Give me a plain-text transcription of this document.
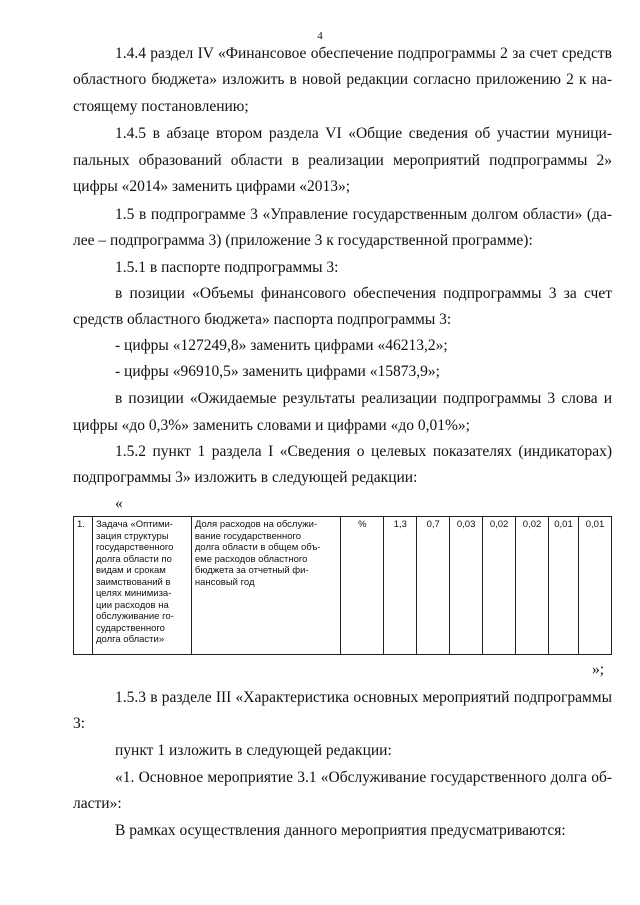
4
1.4.4 раздел IV «Финансовое обеспечение подпрограммы 2 за счет средств
областного бюджета» изложить в новой редакции согласно приложению 2 к на-
стоящему постановлению;
1.4.5 в абзаце втором раздела VI «Общие сведения об участии муници-
пальных образований области в реализации мероприятий подпрограммы 2»
цифры «2014» заменить цифрами «2013»;
1.5 в подпрограмме 3 «Управление государственным долгом области» (да-
лее – подпрограмма 3) (приложение 3 к государственной программе):
1.5.1 в паспорте подпрограммы 3:
в позиции «Объемы финансового обеспечения подпрограммы 3 за счет
средств областного бюджета» паспорта подпрограммы 3:
- цифры «127249,8» заменить цифрами «46213,2»;
- цифры «96910,5» заменить цифрами «15873,9»;
в позиции «Ожидаемые результаты реализации подпрограммы 3 слова и
цифры «до 0,3%» заменить словами и цифрами «до 0,01%»;
1.5.2 пункт 1 раздела I «Сведения о целевых показателях (индикаторах)
подпрограммы 3» изложить в следующей редакции:
«
1.	Задача «Оптими-
зация структуры
государственного
долга области по
видам и срокам
заимствований в
целях минимиза-
ции расходов на
обслуживание го-
сударственного
долга области»

Доля расходов на обслужи-
вание государственного
долга области в общем объ-
еме расходов областного
бюджета за отчетный фи-
нансовый год
	%	1,3	0,7	0,03	0,02	0,02	0,01	0,01
»;
1.5.3 в разделе III «Характеристика основных мероприятий подпрограммы
3:
пункт 1 изложить в следующей редакции:
«1. Основное мероприятие 3.1 «Обслуживание государственного долга об-
ласти»:
В рамках осуществления данного мероприятия предусматриваются:
